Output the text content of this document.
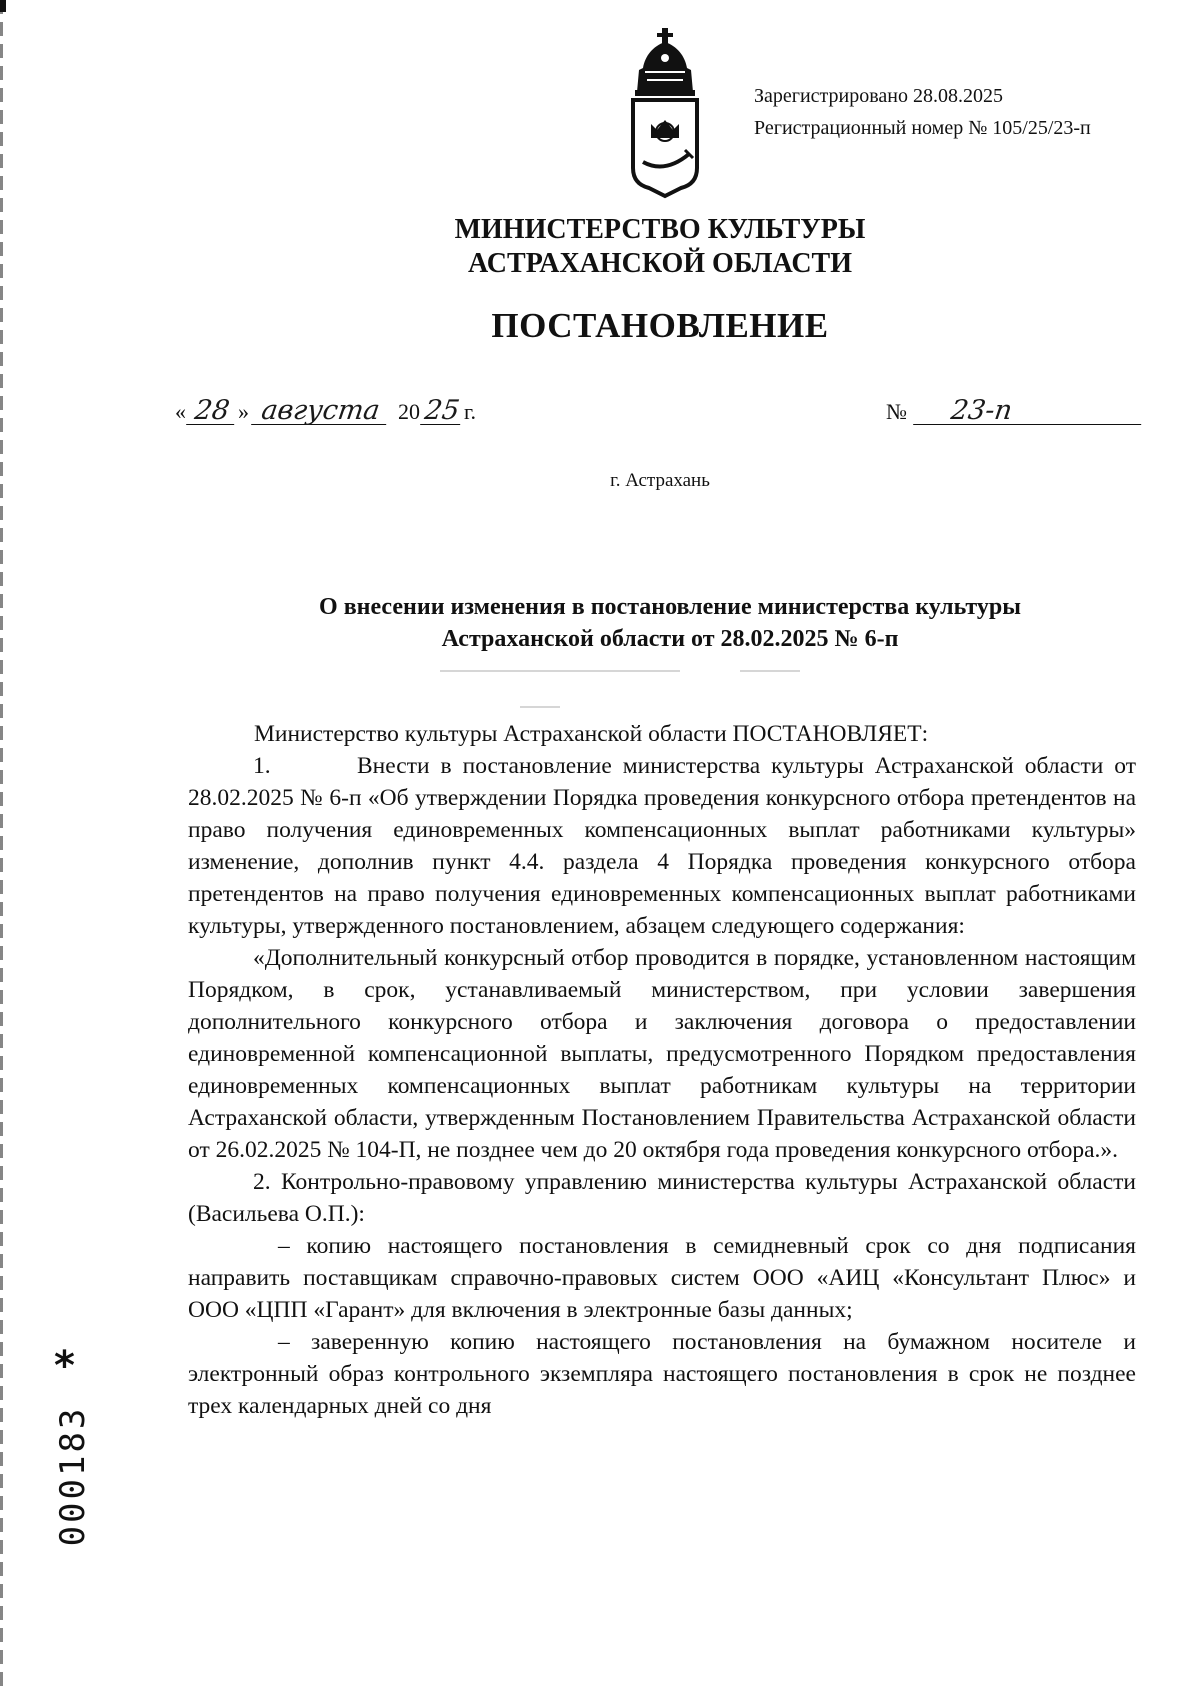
Зарегистрировано 28.08.2025
Регистрационный номер № 105/25/23-п
МИНИСТЕРСТВО КУЛЬТУРЫ
АСТРАХАНСКОЙ ОБЛАСТИ
ПОСТАНОВЛЕНИЕ
« 28 » августа 20 25 г.	№	23-п
г. Астрахань
О внесении изменения в постановление министерства культуры
Астраханской области от 28.02.2025 № 6-п

Министерство культуры Астраханской области ПОСТАНОВЛЯЕТ:

1.	Внести в постановление министерства культуры Астраханской области от 28.02.2025 № 6-п «Об утверждении Порядка проведения конкурсного отбора претендентов на право получения единовременных компенсационных выплат работниками культуры» изменение, дополнив пункт 4.4. раздела 4 Порядка проведения конкурсного отбора претендентов на право получения единовременных компенсационных выплат работниками культуры, утвержденного постановлением, абзацем следующего содержания:

«Дополнительный конкурсный отбор проводится в порядке, установленном настоящим Порядком, в срок, устанавливаемый министерством, при условии завершения дополнительного конкурсного отбора и заключения договора о предоставлении единовременной компенсационной выплаты, предусмотренного Порядком предоставления единовременных компенсационных выплат работникам культуры на территории Астраханской области, утвержденным Постановлением Правительства Астраханской области от 26.02.2025 № 104-П, не позднее чем до 20 октября года проведения конкурсного отбора.».

2. Контрольно-правовому управлению министерства культуры Астраханской области (Васильева О.П.):

– копию настоящего постановления в семидневный срок со дня подписания направить поставщикам справочно-правовых систем ООО «АИЦ «Консультант Плюс» и ООО «ЦПП «Гарант» для включения в электронные базы данных;

– заверенную копию настоящего постановления на бумажном носителе и электронный образ контрольного экземпляра настоящего постановления в срок не позднее трех календарных дней со дня

000183
*
